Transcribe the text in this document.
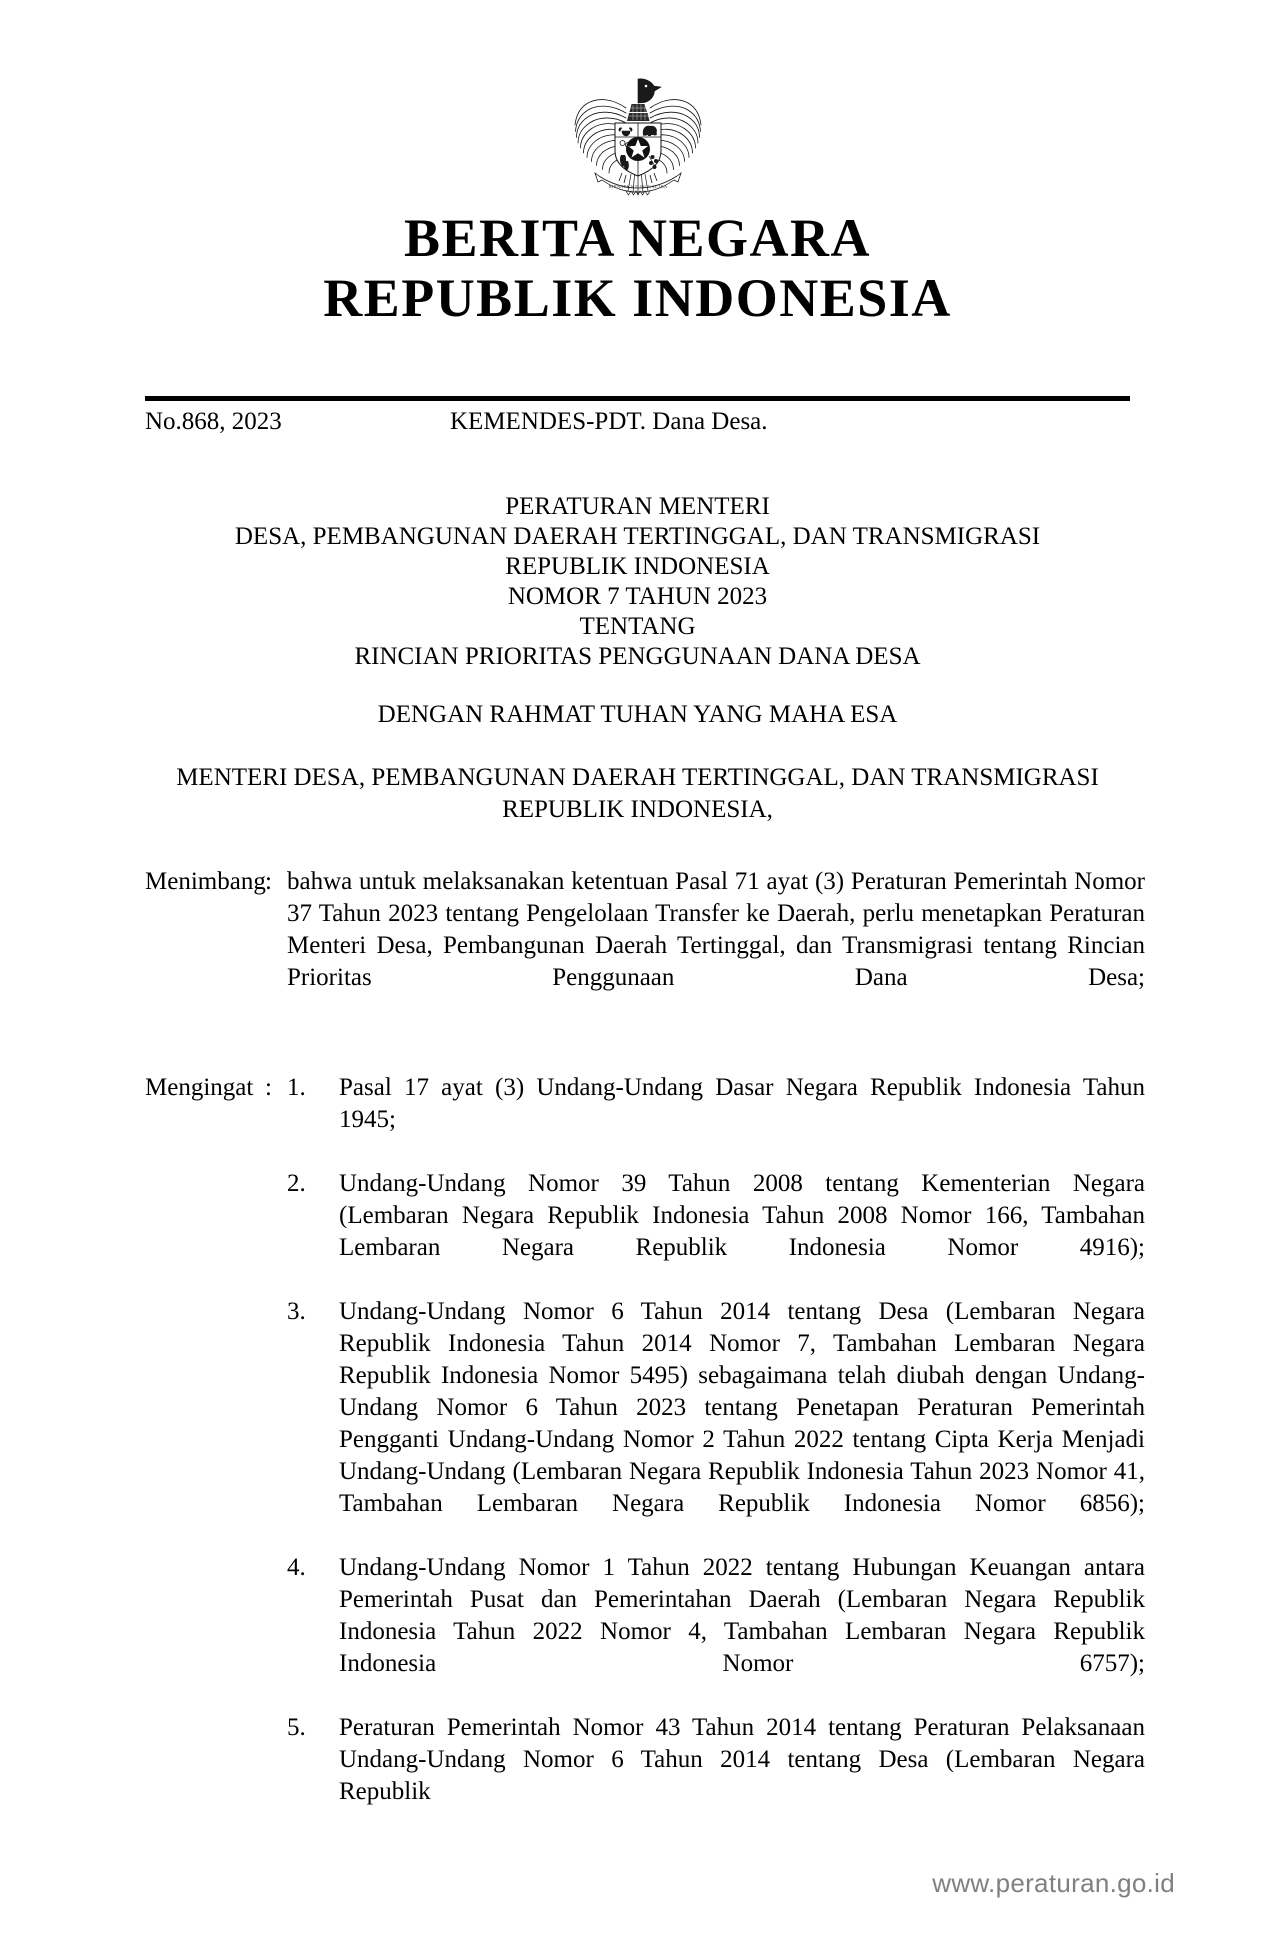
BHINNEKA TUNGGAL IKA
BERITA NEGARA
REPUBLIK INDONESIA
No.868, 2023	KEMENDES-PDT. Dana Desa.
PERATURAN MENTERI
DESA, PEMBANGUNAN DAERAH TERTINGGAL, DAN TRANSMIGRASI
REPUBLIK INDONESIA
NOMOR 7 TAHUN 2023
TENTANG
RINCIAN PRIORITAS PENGGUNAAN DANA DESA
DENGAN RAHMAT TUHAN YANG MAHA ESA
MENTERI DESA, PEMBANGUNAN DAERAH TERTINGGAL, DAN TRANSMIGRASI
REPUBLIK INDONESIA,
Menimbang : bahwa untuk melaksanakan ketentuan Pasal 71 ayat (3) Peraturan Pemerintah Nomor 37 Tahun 2023 tentang Pengelolaan Transfer ke Daerah, perlu menetapkan Peraturan Menteri Desa, Pembangunan Daerah Tertinggal, dan Transmigrasi tentang Rincian Prioritas Penggunaan Dana Desa;

Mengingat : 1.	Pasal 17 ayat (3) Undang-Undang Dasar Negara Republik Indonesia Tahun 1945;
2.	Undang-Undang Nomor 39 Tahun 2008 tentang Kementerian Negara (Lembaran Negara Republik Indonesia Tahun 2008 Nomor 166, Tambahan Lembaran Negara Republik Indonesia Nomor 4916);
3.	Undang-Undang Nomor 6 Tahun 2014 tentang Desa (Lembaran Negara Republik Indonesia Tahun 2014 Nomor 7, Tambahan Lembaran Negara Republik Indonesia Nomor 5495) sebagaimana telah diubah dengan Undang-Undang Nomor 6 Tahun 2023 tentang Penetapan Peraturan Pemerintah Pengganti Undang-Undang Nomor 2 Tahun 2022 tentang Cipta Kerja Menjadi Undang-Undang (Lembaran Negara Republik Indonesia Tahun 2023 Nomor 41, Tambahan Lembaran Negara Republik Indonesia Nomor 6856);
4.	Undang-Undang Nomor 1 Tahun 2022 tentang Hubungan Keuangan antara Pemerintah Pusat dan Pemerintahan Daerah (Lembaran Negara Republik Indonesia Tahun 2022 Nomor 4, Tambahan Lembaran Negara Republik Indonesia Nomor 6757);
5.	Peraturan Pemerintah Nomor 43 Tahun 2014 tentang Peraturan Pelaksanaan Undang-Undang Nomor 6 Tahun 2014 tentang Desa (Lembaran Negara Republik
www.peraturan.go.id
